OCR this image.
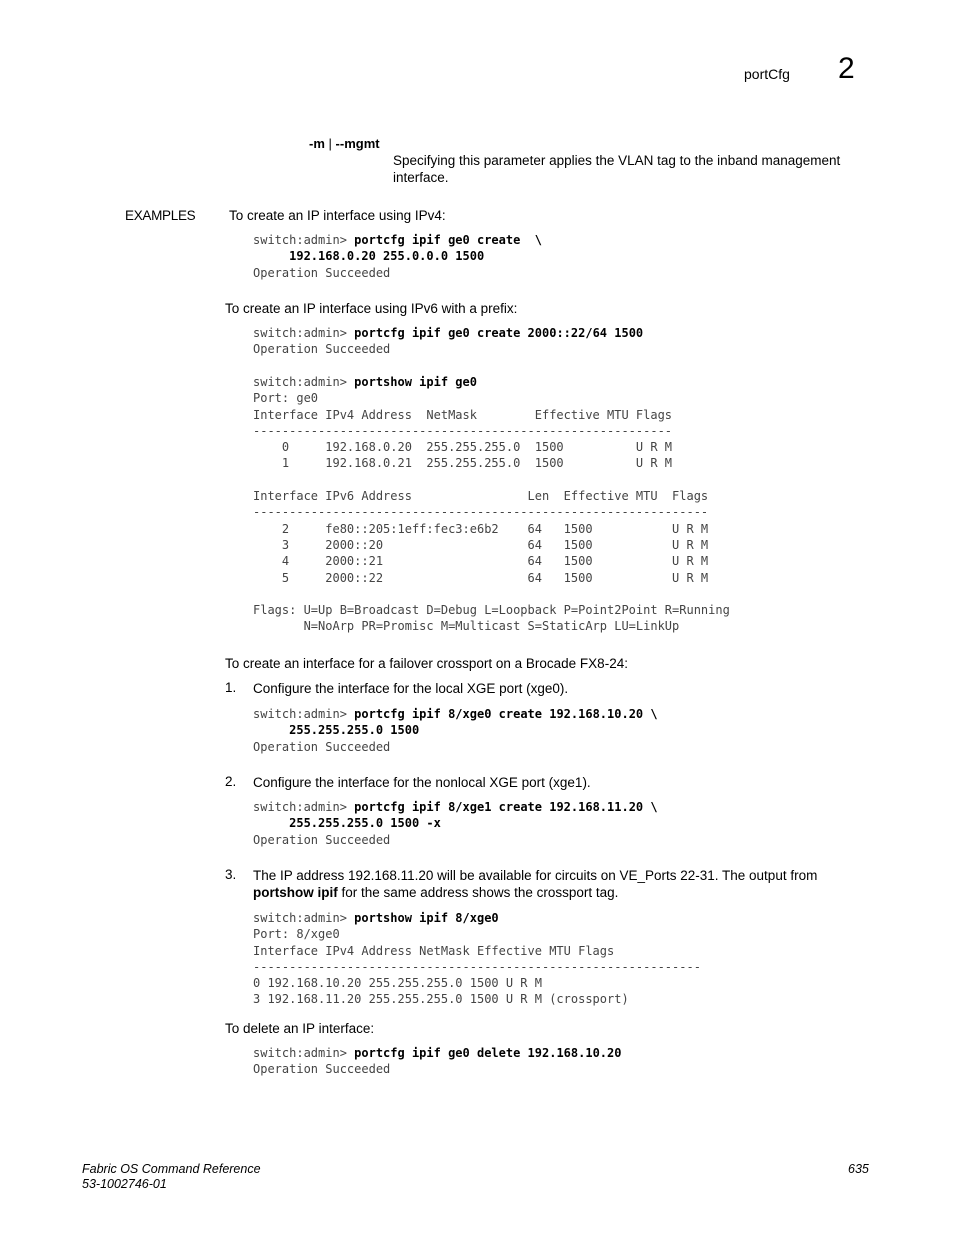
portCfg 2
-m | --mgmt
Specifying this parameter applies the VLAN tag to the inband management interface.
EXAMPLES To create an IP interface using IPv4:
switch:admin> portcfg ipif ge0 create  \
192.168.0.20 255.0.0.0 1500
Operation Succeeded
To create an IP interface using IPv6 with a prefix:
switch:admin> portcfg ipif ge0 create 2000::22/64 1500
Operation Succeeded
switch:admin> portshow ipif ge0
Port: ge0
Interface IPv4 Address  NetMask        Effective MTU Flags
----------------------------------------------------------
0     192.168.0.20  255.255.255.0  1500          U R M
1     192.168.0.21  255.255.255.0  1500          U R M

Interface IPv6 Address                Len  Effective MTU  Flags
---------------------------------------------------------------
2     fe80::205:1eff:fec3:e6b2    64   1500           U R M
3     2000::20                    64   1500           U R M
4     2000::21                    64   1500           U R M
5     2000::22                    64   1500           U R M

Flags: U=Up B=Broadcast D=Debug L=Loopback P=Point2Point R=Running
N=NoArp PR=Promisc M=Multicast S=StaticArp LU=LinkUp
To create an interface for a failover crossport on a Brocade FX8-24:
1. Configure the interface for the local XGE port (xge0).
switch:admin> portcfg ipif 8/xge0 create 192.168.10.20 \
255.255.255.0 1500
Operation Succeeded
2. Configure the interface for the nonlocal XGE port (xge1).
switch:admin> portcfg ipif 8/xge1 create 192.168.11.20 \
255.255.255.0 1500 -x
Operation Succeeded
3. The IP address 192.168.11.20 will be available for circuits on VE_Ports 22-31. The output from portshow ipif for the same address shows the crossport tag.
switch:admin> portshow ipif 8/xge0
Port: 8/xge0
Interface IPv4 Address NetMask Effective MTU Flags
--------------------------------------------------------------
0 192.168.10.20 255.255.255.0 1500 U R M
3 192.168.11.20 255.255.255.0 1500 U R M (crossport)
To delete an IP interface:
switch:admin> portcfg ipif ge0 delete 192.168.10.20
Operation Succeeded
Fabric OS Command Reference
53-1002746-01
635
